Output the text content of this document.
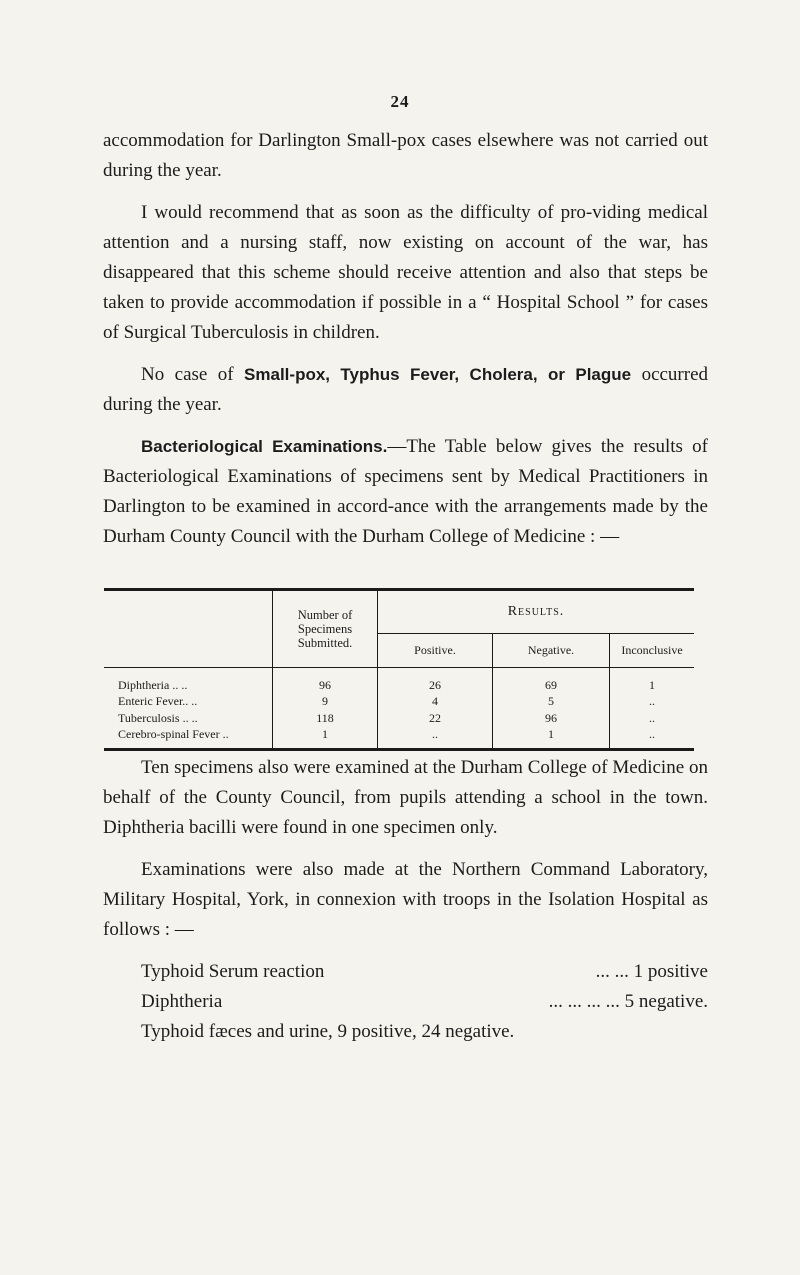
24

accommodation for Darlington Small-pox cases elsewhere was not carried out during the year.

I would recommend that as soon as the difficulty of pro-viding medical attention and a nursing staff, now existing on account of the war, has disappeared that this scheme should receive attention and also that steps be taken to provide accommodation if possible in a “ Hospital School ” for cases of Surgical Tuberculosis in children.

No case of Small-pox, Typhus Fever, Cholera, or Plague occurred during the year.

Bacteriological Examinations.—The Table below gives the results of Bacteriological Examinations of specimens sent by Medical Practitioners in Darlington to be examined in accord-ance with the arrangements made by the Durham County Council with the Durham College of Medicine : —

	Number of Specimens Submitted.	Results.		
		Positive.	Negative.	Inconclusive
Diphtheria .. ..	96	26	69	1
Enteric Fever.. ..	9	4	5	..
Tuberculosis .. ..	118	22	96	..
Cerebro-spinal Fever ..	1	..	1	..

Ten specimens also were examined at the Durham College of Medicine on behalf of the County Council, from pupils attending a school in the town. Diphtheria bacilli were found in one specimen only.

Examinations were also made at the Northern Command Laboratory, Military Hospital, York, in connexion with troops in the Isolation Hospital as follows : —

Typhoid Serum reaction	... ... 1 positive
Diphtheria	... ... ... ... 5 negative.
Typhoid fæces and urine, 9 positive, 24 negative.
